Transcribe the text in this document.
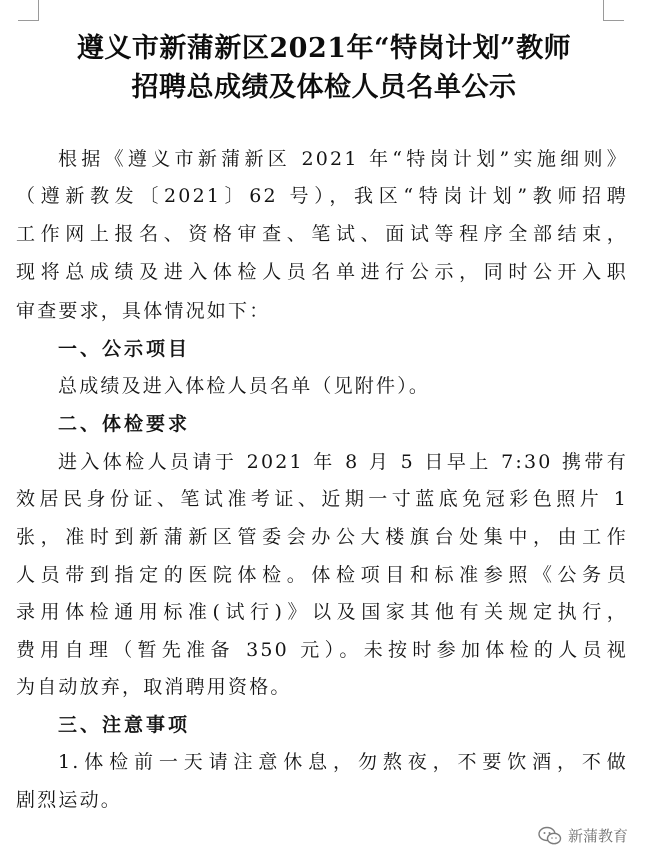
遵义市新蒲新区2021年“特岗计划”教师
招聘总成绩及体检人员名单公示
根据《遵义市新蒲新区 2021 年“特岗计划”实施细则》
（遵新教发〔2021〕62 号），我区“特岗计划”教师招聘
工作网上报名、资格审查、笔试、面试等程序全部结束，
现将总成绩及进入体检人员名单进行公示，同时公开入职
审查要求，具体情况如下：
一、公示项目
总成绩及进入体检人员名单（见附件）。
二、体检要求
进入体检人员请于 2021 年 8 月 5 日早上 7:30 携带有
效居民身份证、笔试准考证、近期一寸蓝底免冠彩色照片 1
张，准时到新蒲新区管委会办公大楼旗台处集中，由工作
人员带到指定的医院体检。体检项目和标准参照《公务员
录用体检通用标准(试行)》以及国家其他有关规定执行，
费用自理（暂先准备 350 元）。未按时参加体检的人员视
为自动放弃，取消聘用资格。
三、注意事项
1.体检前一天请注意休息，勿熬夜，不要饮酒，不做
剧烈运动。
新蒲教育
